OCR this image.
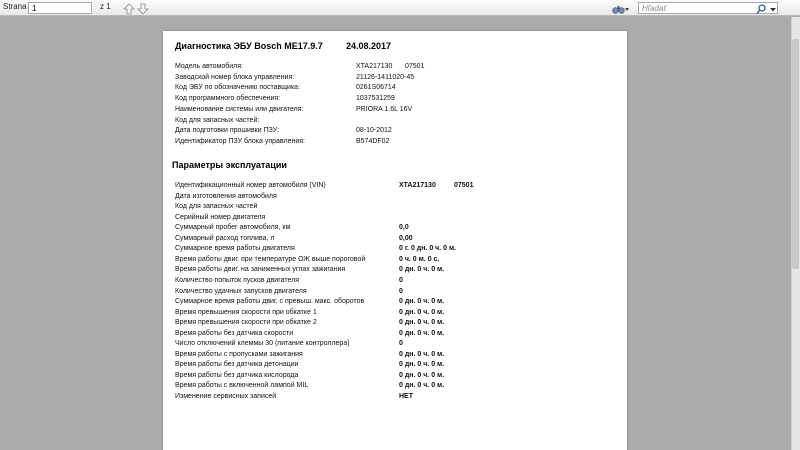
Strana
1	z 1
Hľadať
Диагностика ЭБУ Bosch ME17.9.7	24.08.2017
Модель автомобиля:	XTA217130 07501
Заводской номер блока управления:	21126-1411020-45
Код ЭБУ по обозначению поставщика:	0261S06714
Код программного обеспечения:	1037531259
Наименование системы или двигателя:	PRIORA 1.6L 16V
Код для запасных частей:
Дата подготовки прошивки ПЗУ:	08-10-2012
Идентификатор ПЗУ блока управления:	B574DF02
Параметры эксплуатации
Идентификационный номер автомобиля (VIN)	XTA217130	07501
Дата изготовления автомобиля
Код для запасных частей
Серийный номер двигателя
Суммарный пробег автомобиля, км	0,0
Суммарный расход топлива, л	0,00
Суммарное время работы двигателя	0 г. 0 дн. 0 ч. 0 м.
Время работы двиг. при температуре ОЖ выше пороговой	0 ч. 0 м. 0 с.
Время работы двиг. на заниженных углах зажигания	0 дн. 0 ч. 0 м.
Количество попыток пусков двигателя	0
Количество удачных запусков двигателя	0
Суммарное время работы двиг. с превыш. макс. оборотов	0 дн. 0 ч. 0 м.
Время превышения скорости при обкатке 1	0 дн. 0 ч. 0 м.
Время превышения скорости при обкатке 2	0 дн. 0 ч. 0 м.
Время работы без датчика скорости	0 дн. 0 ч. 0 м.
Число отключений клеммы 30 (питание контроллера)	0
Время работы с пропусками зажигания	0 дн. 0 ч. 0 м.
Время работы без датчика детонации	0 дн. 0 ч. 0 м.
Время работы без датчика кислорода	0 дн. 0 ч. 0 м.
Время работы с включенной лампой MIL	0 дн. 0 ч. 0 м.
Изменение сервисных записей	НЕТ
